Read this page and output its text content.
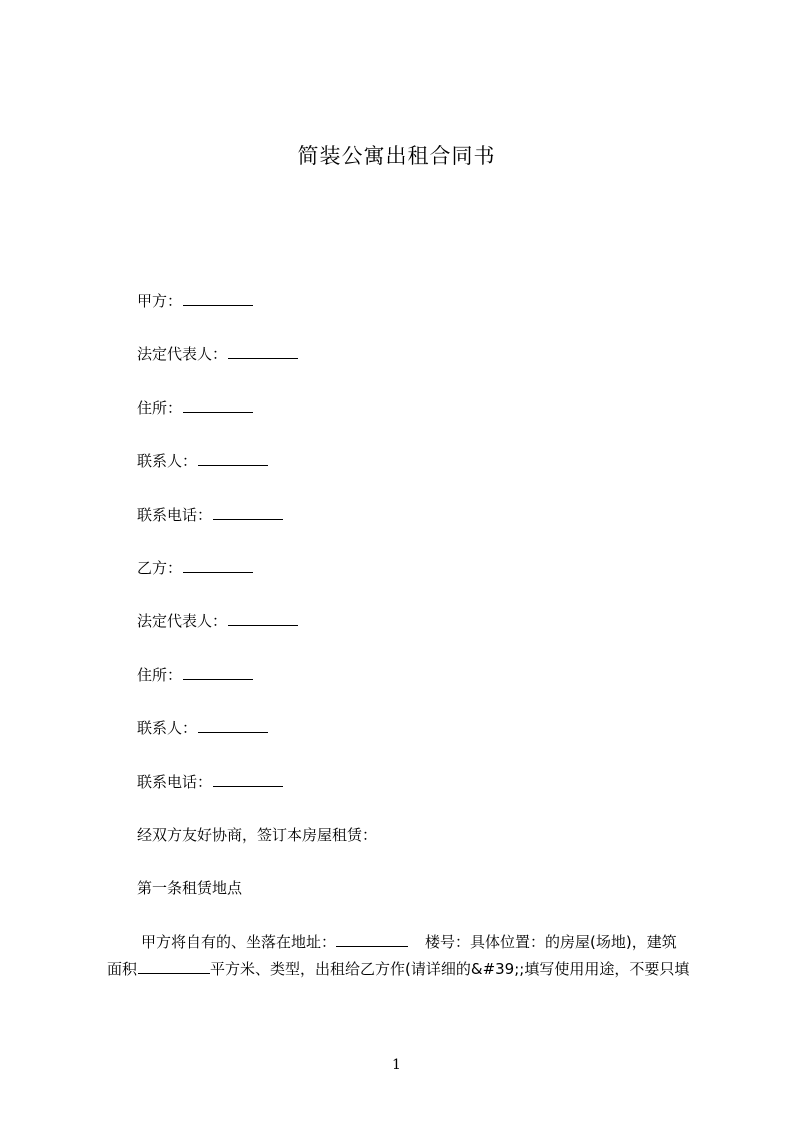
简装公寓出租合同书
甲方：
法定代表人：
住所：
联系人：
联系电话：
乙方：
法定代表人：
住所：
联系人：
联系电话：
经双方友好协商，签订本房屋租赁：
第一条租赁地点
甲方将自有的、坐落在地址：	楼号：具体位置：的房屋(场地)，建筑
面积	平方米、类型，出租给乙方作(请详细的&#39;;填写使用用途，不要只填
1
